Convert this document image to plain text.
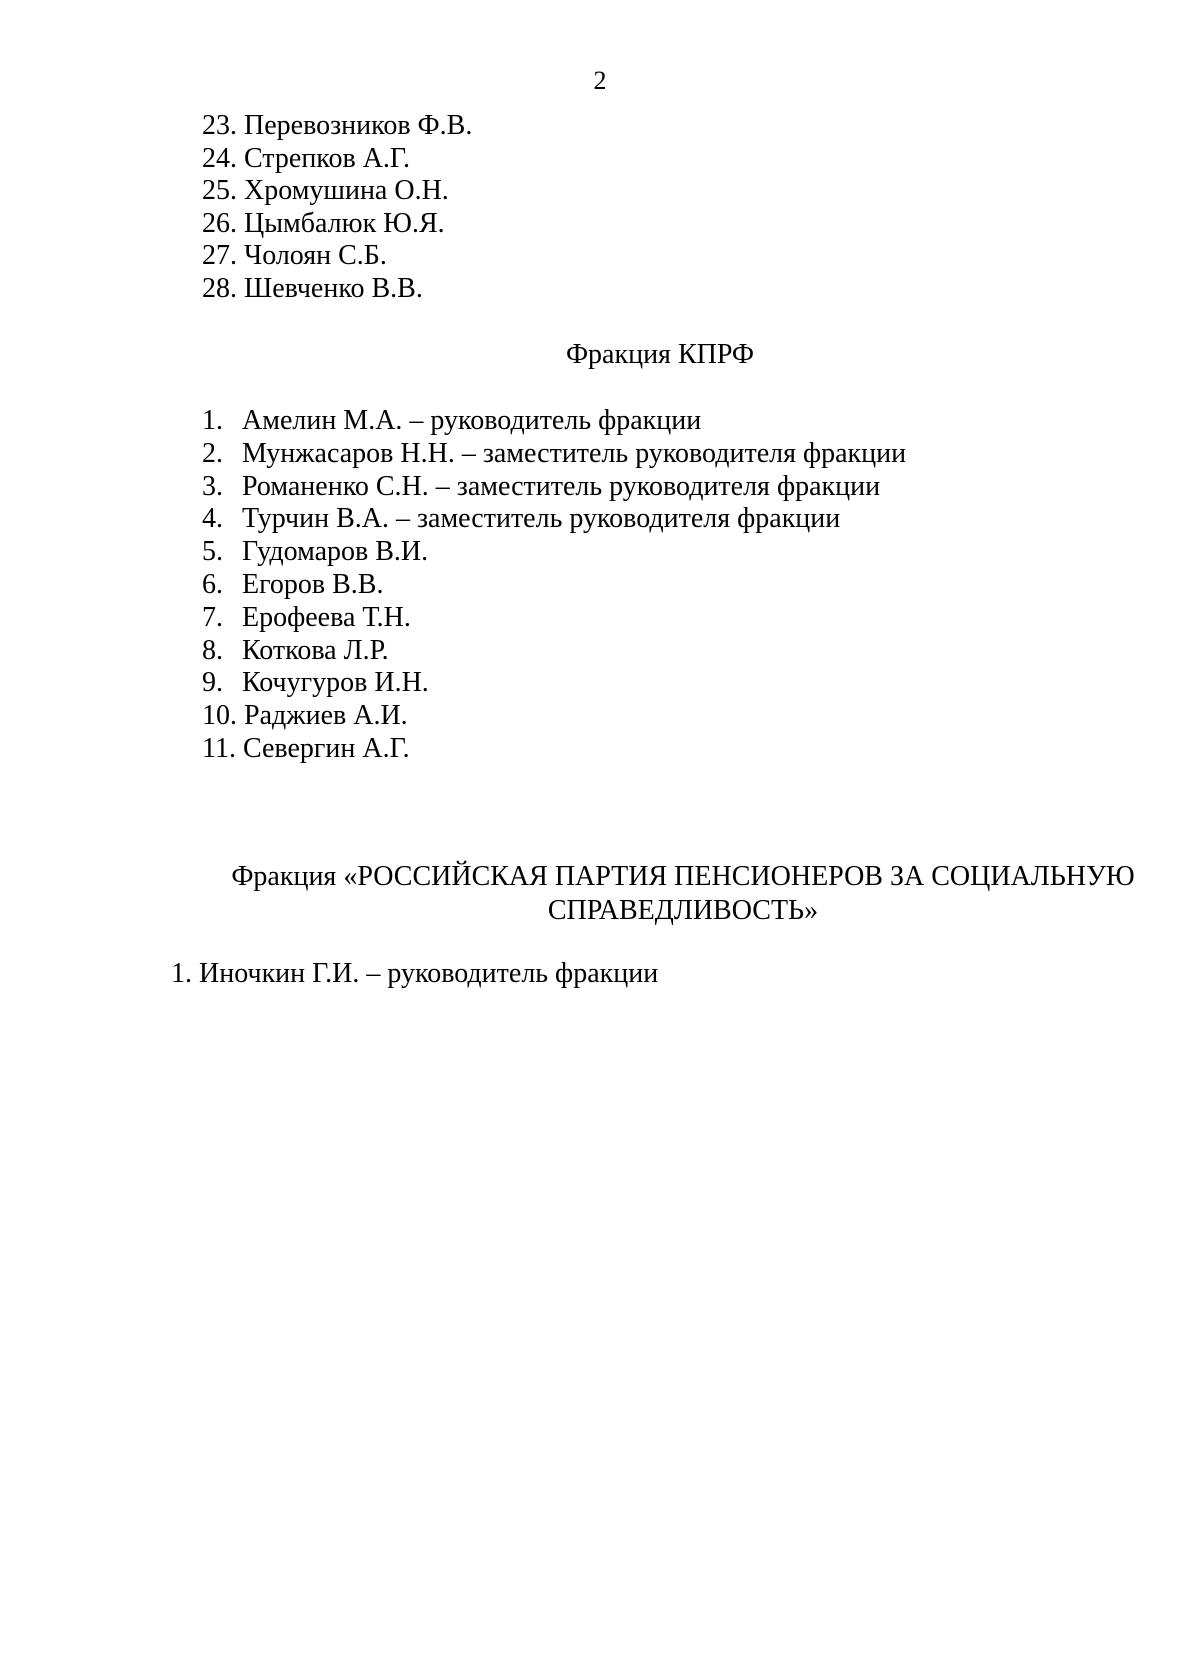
2
23. Перевозников Ф.В.
24. Стрепков А.Г.
25. Хромушина О.Н.
26. Цымбалюк Ю.Я.
27. Чолоян С.Б.
28. Шевченко В.В.
Фракция КПРФ
1. Амелин М.А. – руководитель фракции
2. Мунжасаров Н.Н. – заместитель руководителя фракции
3. Романенко С.Н. – заместитель руководителя фракции
4. Турчин В.А. – заместитель руководителя фракции
5. Гудомаров В.И.
6. Егоров В.В.
7. Ерофеева Т.Н.
8. Коткова Л.Р.
9. Кочугуров И.Н.
10.
Раджиев А.И.
11.
Севергин А.Г.
Фракция «РОССИЙСКАЯ ПАРТИЯ ПЕНСИОНЕРОВ ЗА СОЦИАЛЬНУЮ
СПРАВЕДЛИВОСТЬ»
1. Иночкин Г.И. – руководитель фракции
